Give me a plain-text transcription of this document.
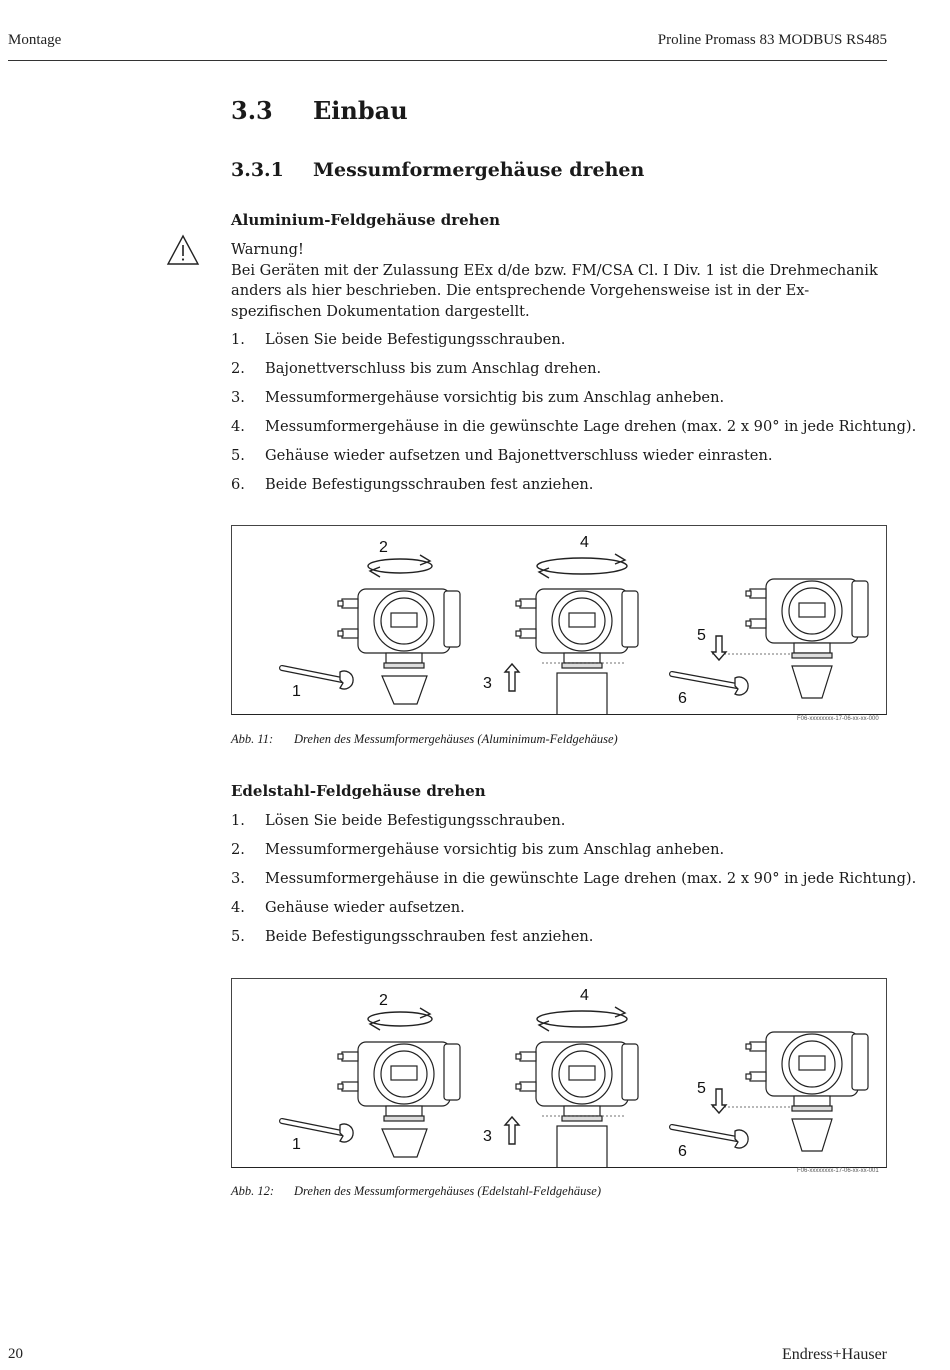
Montage	Proline Promass 83 MODBUS RS485
3.3 Einbau
3.3.1 Messumformergehäuse drehen
Aluminium-Feldgehäuse drehen
Warnung!
Bei Geräten mit der Zulassung EEx d/de bzw. FM/CSA Cl. I Div. 1 ist die Drehmechanik anders als hier beschrieben. Die entsprechende Vorgehensweise ist in der Ex-spezifischen Dokumentation dargestellt.
1. Lösen Sie beide Befestigungsschrauben.
2. Bajonettverschluss bis zum Anschlag drehen.
3. Messumformergehäuse vorsichtig bis zum Anschlag anheben.
4. Messumformergehäuse in die gewünschte Lage drehen (max. 2 x 90° in jede Richtung).
5. Gehäuse wieder aufsetzen und Bajonettverschluss wieder einrasten.
6. Beide Befestigungsschrauben fest anziehen.
Edelstahl-Feldgehäuse drehen
1. Lösen Sie beide Befestigungsschrauben.
2. Messumformergehäuse vorsichtig bis zum Anschlag anheben.
3. Messumformergehäuse in die gewünschte Lage drehen (max. 2 x 90° in jede Richtung).
4. Gehäuse wieder aufsetzen.
5. Beide Befestigungsschrauben fest anziehen.
1
2
3
4
5
6
F06-xxxxxxxx-17-06-xx-xx-000
Abb. 11: Drehen des Messumformergehäuses (Aluminimum-Feldgehäuse)
1
2
3
4
5
6
F06-xxxxxxxx-17-06-xx-xx-001
Abb. 12: Drehen des Messumformergehäuses (Edelstahl-Feldgehäuse)
20	Endress+Hauser
